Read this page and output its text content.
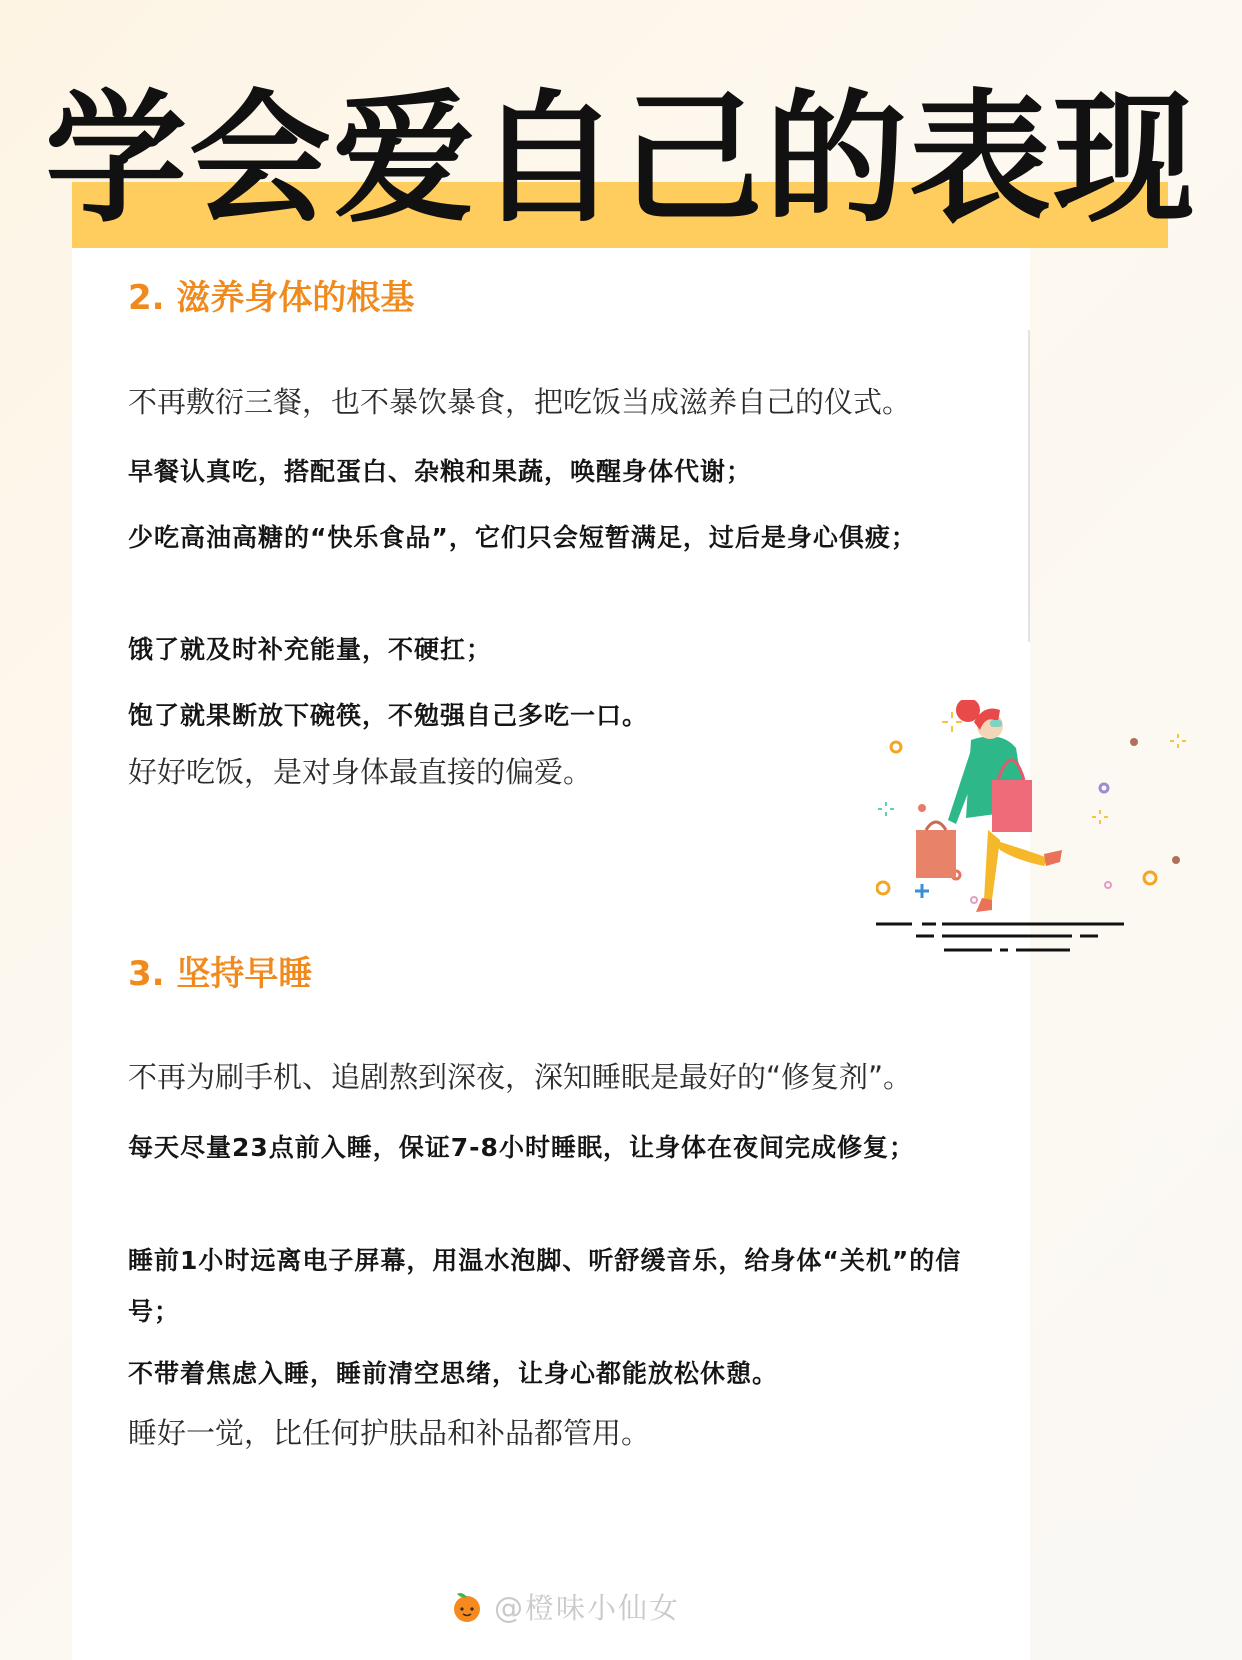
学会爱自己的表现
2. 滋养身体的根基
不再敷衍三餐，也不暴饮暴食，把吃饭当成滋养自己的仪式。
早餐认真吃，搭配蛋白、杂粮和果蔬，唤醒身体代谢；
少吃高油高糖的“快乐食品”，它们只会短暂满足，过后是身心俱疲；
饿了就及时补充能量，不硬扛；
饱了就果断放下碗筷，不勉强自己多吃一口。
好好吃饭，是对身体最直接的偏爱。
3. 坚持早睡
不再为刷手机、追剧熬到深夜，深知睡眠是最好的“修复剂”。
每天尽量23点前入睡，保证7-8小时睡眠，让身体在夜间完成修复；
睡前1小时远离电子屏幕，用温水泡脚、听舒缓音乐，给身体“关机”的信号；
不带着焦虑入睡，睡前清空思绪，让身心都能放松休憩。
睡好一觉，比任何护肤品和补品都管用。
@橙味小仙女
